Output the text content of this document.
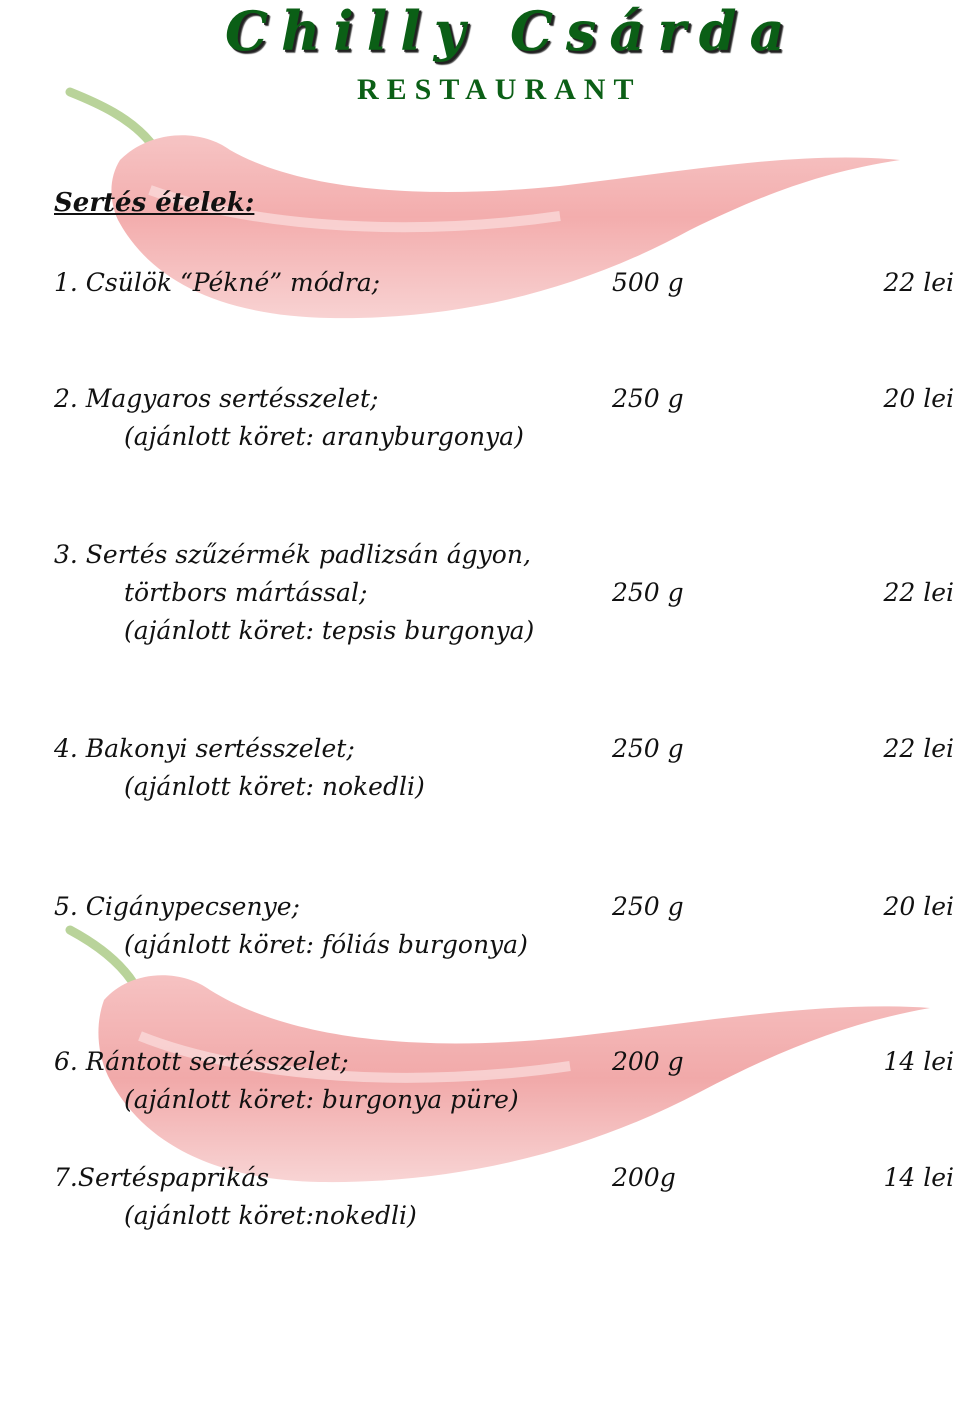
Chilly Csárda
RESTAURANT
Sertés ételek:
1. Csülök “Pékné” módra;	500 g	22 lei
2. Magyaros sertésszelet;	250 g	20 lei
(ajánlott köret: aranyburgonya)
3. Sertés szűzérmék padlizsán ágyon,
törtbors mártással;	250 g	22 lei
(ajánlott köret: tepsis burgonya)
4. Bakonyi sertésszelet;	250 g	22 lei
(ajánlott köret: nokedli)
5. Cigánypecsenye;	250 g	20 lei
(ajánlott köret: fóliás burgonya)
6. Rántott sertésszelet;	200 g	14 lei
(ajánlott köret: burgonya püre)
7.Sertéspaprikás	200g	14 lei
(ajánlott köret:nokedli)
